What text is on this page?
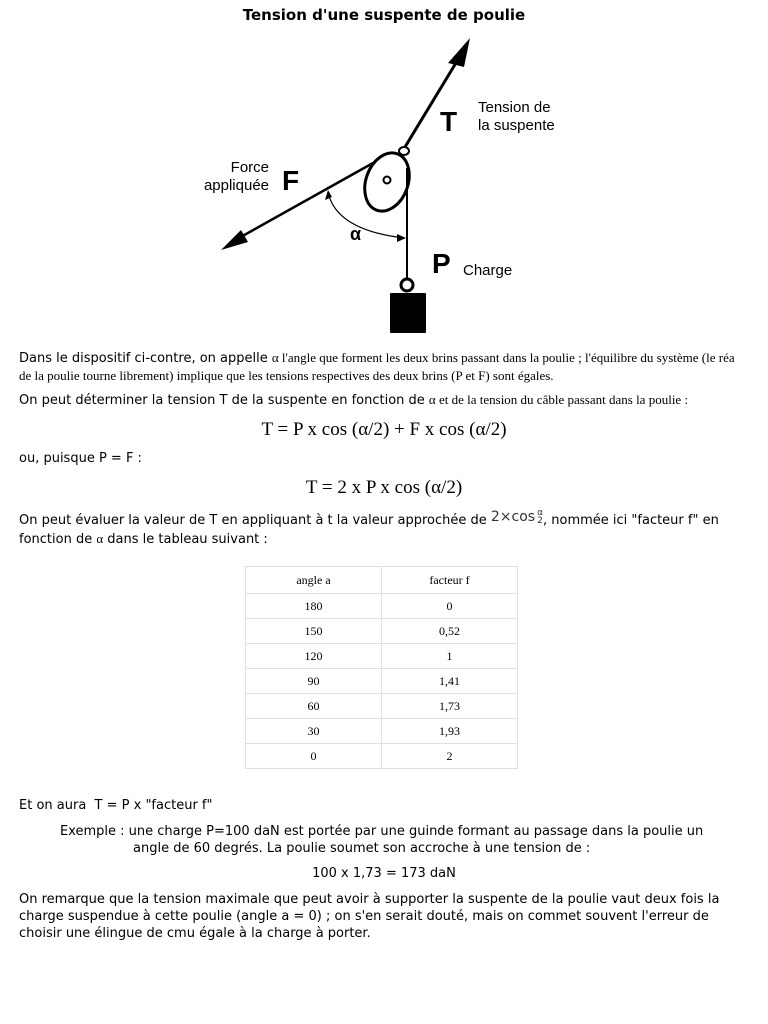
Tension d'une suspente de poulie
T Tension de
la suspente
F
Force
appliquée
α
P Charge
Dans le dispositif ci-contre, on appelle α l'angle que forment les deux brins passant dans la poulie ; l'équilibre du système (le réa de la poulie tourne librement) implique que les tensions respectives des deux brins (P et F) sont égales.
On peut déterminer la tension T de la suspente en fonction de α et de la tension du câble passant dans la poulie :
T = P x cos (α/2) + F x cos (α/2)
ou, puisque P = F :
T = 2 x P x cos (α/2)
On peut évaluer la valeur de T en appliquant à t la valeur approchée de 2×cos α
2, nommée ici "facteur f" en fonction de α dans le tableau suivant :
angle a	facteur f
180	0
150	0,52
120	1
90	1,41
60	1,73
30	1,93
0	2
Et on aura  T = P x "facteur f"
Exemple : une charge P=100 daN est portée par une guinde formant au passage dans la poulie un
angle de 60 degrés. La poulie soumet son accroche à une tension de :
100 x 1,73 = 173 daN
On remarque que la tension maximale que peut avoir à supporter la suspente de la poulie vaut deux fois la charge suspendue à cette poulie (angle a = 0) ; on s'en serait douté, mais on commet souvent l'erreur de choisir une élingue de cmu égale à la charge à porter.
